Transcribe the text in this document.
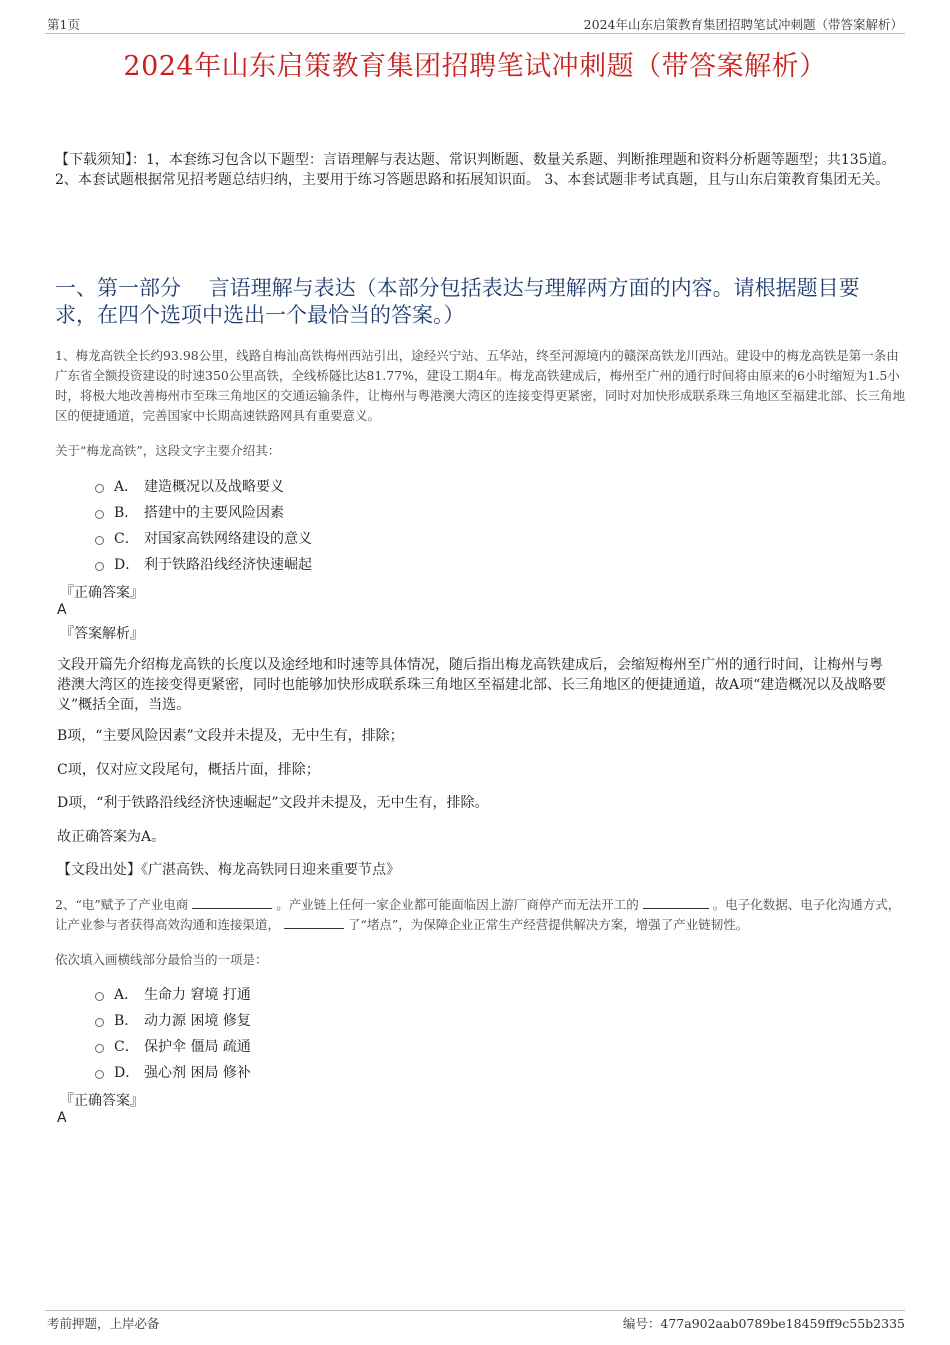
第1页	2024年山东启策教育集团招聘笔试冲刺题（带答案解析）
2024年山东启策教育集团招聘笔试冲刺题（带答案解析）
【下载须知】：1，本套练习包含以下题型：言语理解与表达题、常识判断题、数量关系题、判断推理题和资料分析题等题型；共135道。 2、本套试题根据常见招考题总结归纳，主要用于练习答题思路和拓展知识面。 3、本套试题非考试真题，且与山东启策教育集团无关。
一、第一部分　 言语理解与表达（本部分包括表达与理解两方面的内容。请根据题目要求，在四个选项中选出一个最恰当的答案。）
1、梅龙高铁全长约93.98公里，线路自梅汕高铁梅州西站引出，途经兴宁站、五华站，终至河源境内的赣深高铁龙川西站。建设中的梅龙高铁是第一条由广东省全额投资建设的时速350公里高铁，全线桥隧比达81.77%，建设工期4年。梅龙高铁建成后，梅州至广州的通行时间将由原来的6小时缩短为1.5小时，将极大地改善梅州市至珠三角地区的交通运输条件，让梅州与粤港澳大湾区的连接变得更紧密，同时对加快形成联系珠三角地区至福建北部、长三角地区的便捷通道，完善国家中长期高速铁路网具有重要意义。
关于“梅龙高铁”，这段文字主要介绍其：
A． 建造概况以及战略要义
B． 搭建中的主要风险因素
C． 对国家高铁网络建设的意义
D． 利于铁路沿线经济快速崛起
『正确答案』
A
『答案解析』
文段开篇先介绍梅龙高铁的长度以及途经地和时速等具体情况，随后指出梅龙高铁建成后，会缩短梅州至广州的通行时间，让梅州与粤港澳大湾区的连接变得更紧密，同时也能够加快形成联系珠三角地区至福建北部、长三角地区的便捷通道，故A项“建造概况以及战略要义”概括全面，当选。
B项，“主要风险因素”文段并未提及，无中生有，排除；
C项，仅对应文段尾句，概括片面，排除；
D项，“利于铁路沿线经济快速崛起”文段并未提及，无中生有，排除。
故正确答案为A。
【文段出处】《广湛高铁、梅龙高铁同日迎来重要节点》
2、“电”赋予了产业电商	。产业链上任何一家企业都可能面临因上游厂商停产而无法开工的	。电子化数据、电子化沟通方式，让产业参与者获得高效沟通和连接渠道，	了“堵点”，为保障企业正常生产经营提供解决方案，增强了产业链韧性。
依次填入画横线部分最恰当的一项是：
A． 生命力 窘境 打通
B． 动力源 困境 修复
C． 保护伞 僵局 疏通
D． 强心剂 困局 修补
『正确答案』
A
考前押题，上岸必备	编号：477a902aab0789be18459ff9c55b2335
